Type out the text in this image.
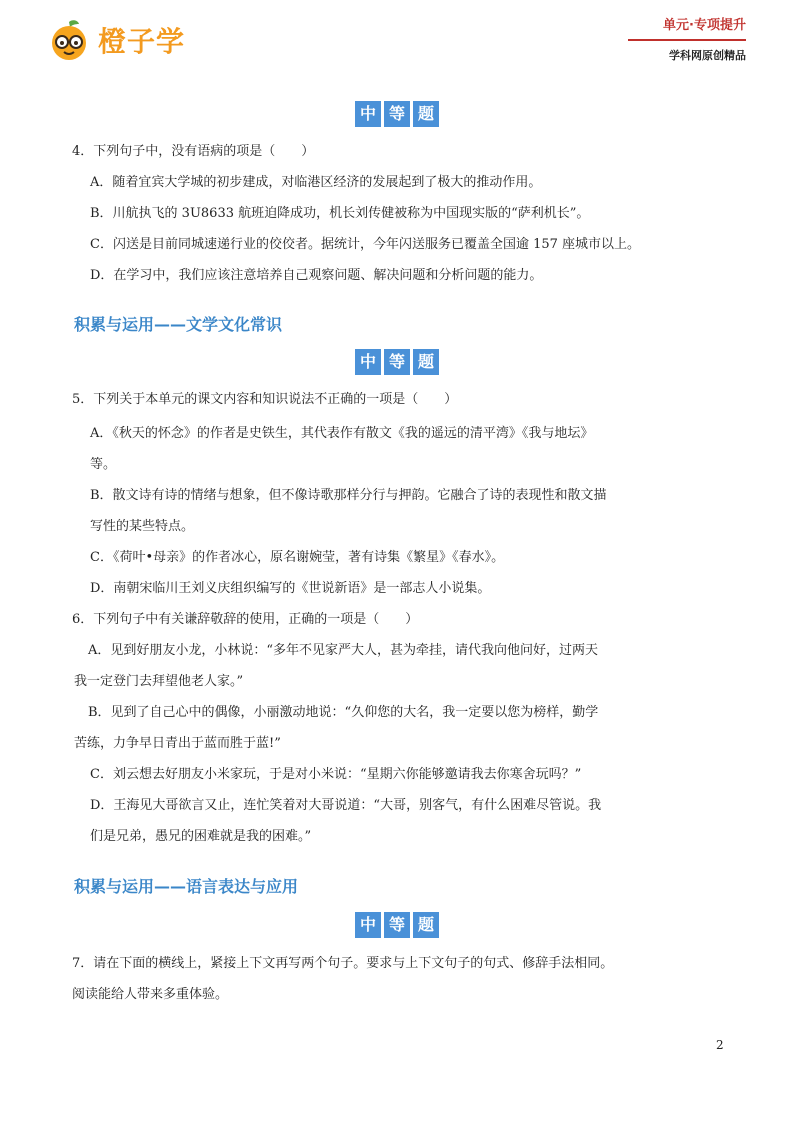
橙子学	单元·专项提升
学科网原创精品
中 等 题
4．下列句子中，没有语病的项是（　　）
A．随着宜宾大学城的初步建成，对临港区经济的发展起到了极大的推动作用。
B．川航执飞的 3U8633 航班迫降成功，机长刘传健被称为中国现实版的“萨利机长”。
C．闪送是目前同城速递行业的佼佼者。据统计，今年闪送服务已覆盖全国逾 157 座城市以上。
D．在学习中，我们应该注意培养自己观察问题、解决问题和分析问题的能力。
积累与运用——文学文化常识
中 等 题
5．下列关于本单元的课文内容和知识说法不正确的一项是（　　）
A．《秋天的怀念》的作者是史铁生，其代表作有散文《我的遥远的清平湾》《我与地坛》
等。
B．散文诗有诗的情绪与想象，但不像诗歌那样分行与押韵。它融合了诗的表现性和散文描
写性的某些特点。
C．《荷叶•母亲》的作者冰心，原名谢婉莹，著有诗集《繁星》《春水》。
D．南朝宋临川王刘义庆组织编写的《世说新语》是一部志人小说集。
6．下列句子中有关谦辞敬辞的使用，正确的一项是（　　）
A．见到好朋友小龙，小林说：“多年不见家严大人，甚为牵挂，请代我向他问好，过两天
我一定登门去拜望他老人家。”
B．见到了自己心中的偶像，小丽激动地说：“久仰您的大名，我一定要以您为榜样，勤学
苦练，力争早日青出于蓝而胜于蓝!”
C．刘云想去好朋友小米家玩，于是对小米说：“星期六你能够邀请我去你寒舍玩吗？”
D．王海见大哥欲言又止，连忙笑着对大哥说道：“大哥，别客气，有什么困难尽管说。我
们是兄弟，愚兄的困难就是我的困难。”
积累与运用——语言表达与应用
中 等 题
7．请在下面的横线上，紧接上下文再写两个句子。要求与上下文句子的句式、修辞手法相同。
阅读能给人带来多重体验。
2
